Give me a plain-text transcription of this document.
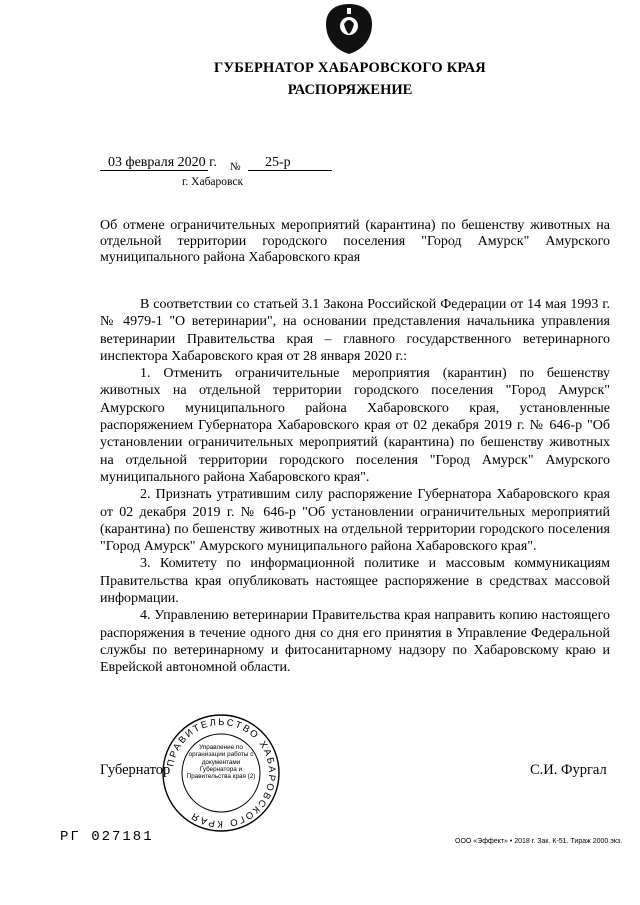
ГУБЕРНАТОР ХАБАРОВСКОГО КРАЯ
РАСПОРЯЖЕНИЕ
03 февраля 2020 г. № 25-р
г. Хабаровск
Об отмене ограничительных мероприятий (карантина) по бешенству животных на отдельной территории городского поселения "Город Амурск" Амурского муниципального района Хабаровского края

В соответствии со статьей 3.1 Закона Российской Федерации от 14 мая 1993 г. № 4979-1 "О ветеринарии", на основании представления начальника управления ветеринарии Правительства края – главного государственного ветеринарного инспектора Хабаровского края от 28 января 2020 г.:

1. Отменить ограничительные мероприятия (карантин) по бешенству животных на отдельной территории городского поселения "Город Амурск" Амурского муниципального района Хабаровского края, установленные распоряжением Губернатора Хабаровского края от 02 декабря 2019 г. № 646-р "Об установлении ограничительных мероприятий (карантина) по бешенству животных на отдельной территории городского поселения "Город Амурск" Амурского муниципального района Хабаровского края".

2. Признать утратившим силу распоряжение Губернатора Хабаровского края от 02 декабря 2019 г. № 646-р "Об установлении ограничительных мероприятий (карантина) по бешенству животных на отдельной территории городского поселения "Город Амурск" Амурского муниципального района Хабаровского края".

3. Комитету по информационной политике и массовым коммуникациям Правительства края опубликовать настоящее распоряжение в средствах массовой информации.

4. Управлению ветеринарии Правительства края направить копию настоящего распоряжения в течение одного дня со дня его принятия в Управление Федеральной службы по ветеринарному и фитосанитарному надзору по Хабаровскому краю и Еврейской автономной области.

Губернатор	С.И. Фургал
ПРАВИТЕЛЬСТВО ХАБАРОВСКОГО КРАЯ
Управление по организации работы с документами Губернатора и Правительства края (2)
РГ 027181	ООО «Эффект» • 2018 г. Зак. К-51. Тираж 2000 экз.
